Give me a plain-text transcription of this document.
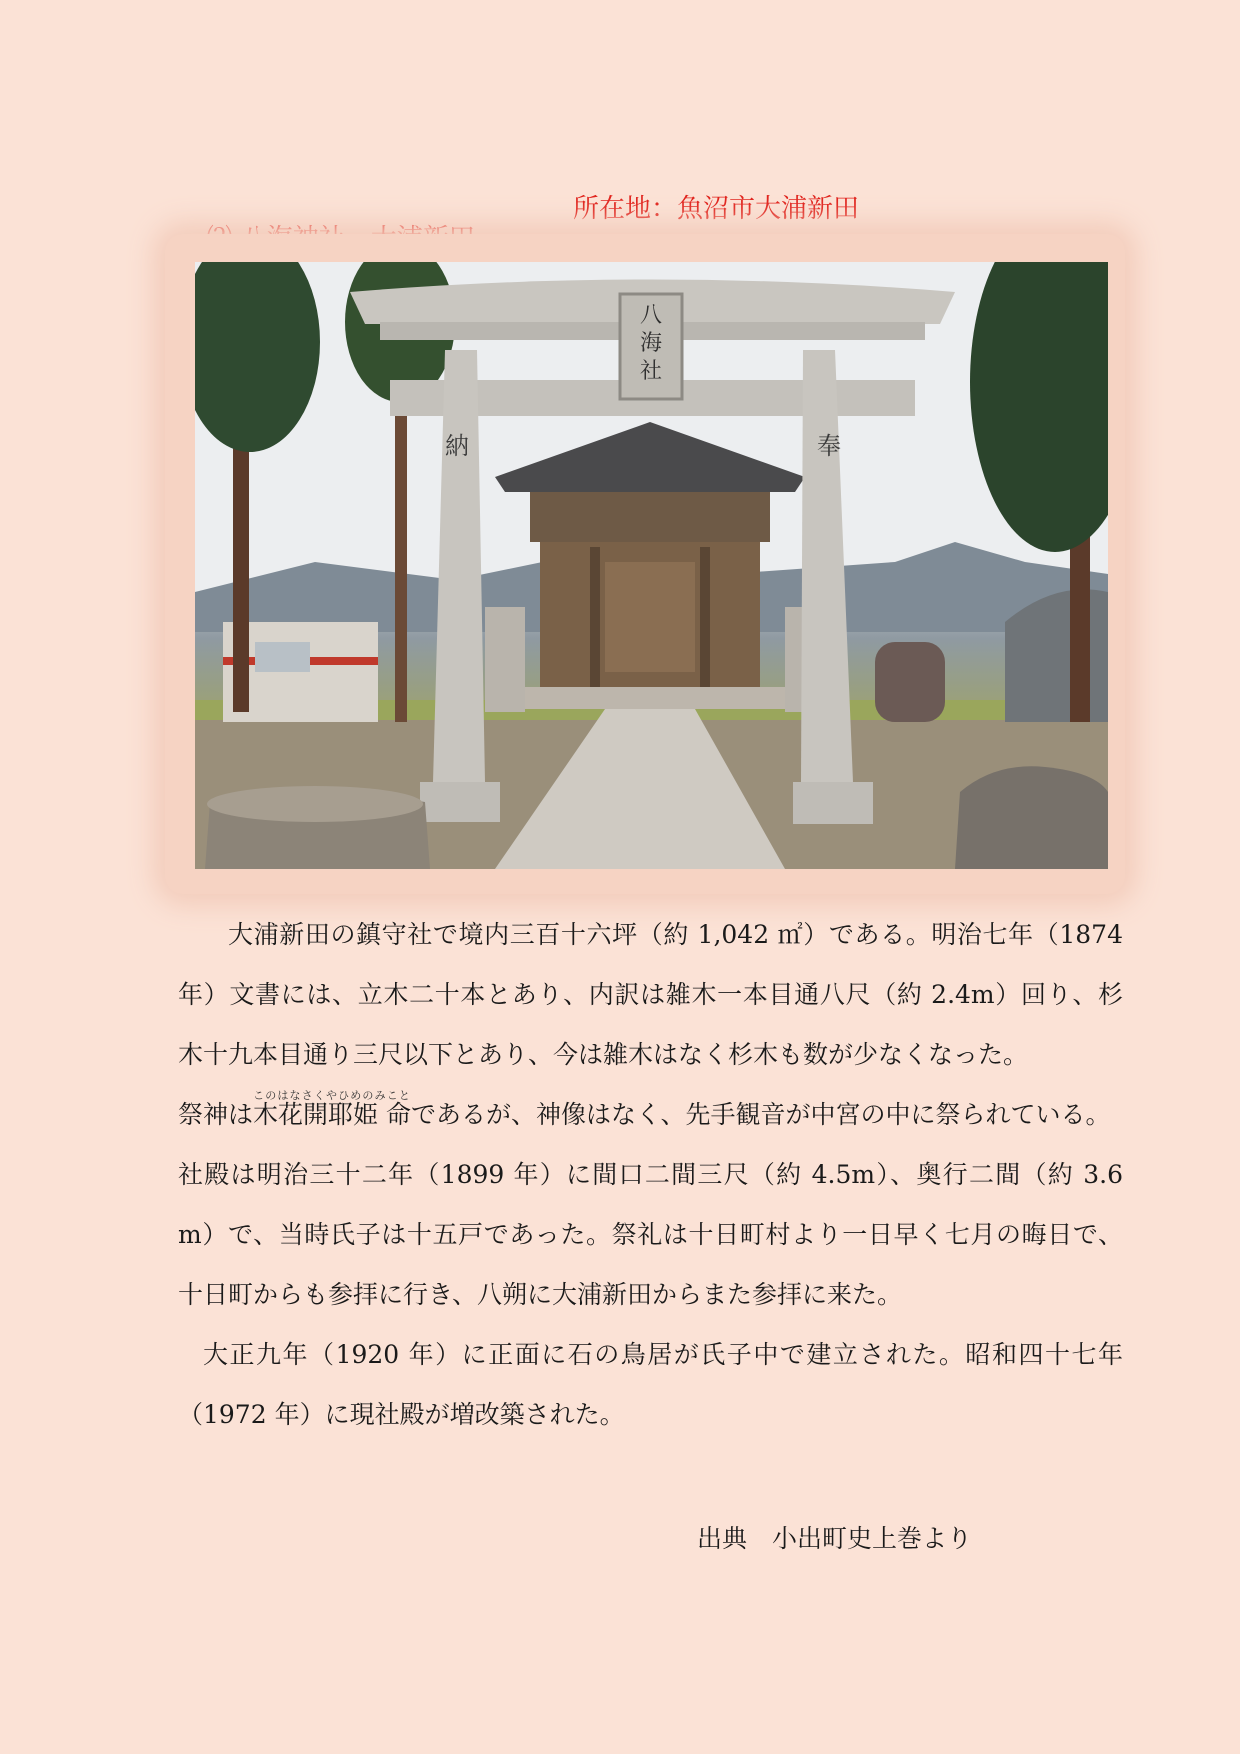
所在地：魚沼市大浦新田

八
海
社
納	奉

大浦新田の鎮守社で境内三百十六坪（約 1,042 ㎡）である。明治七年（1874 年）文書には、立木二十本とあり、内訳は雑木一本目通八尺（約 2.4m）回り、杉木十九本目通り三尺以下とあり、今は雑木はなく杉木も数が少なくなった。

祭神は木花開耶姫 命このはなさくやひめのみことであるが、神像はなく、先手観音が中宮の中に祭られている。

社殿は明治三十二年（1899 年）に間口二間三尺（約 4.5m）、奥行二間（約 3.6 m）で、当時氏子は十五戸であった。祭礼は十日町村より一日早く七月の晦日で、十日町からも参拝に行き、八朔に大浦新田からまた参拝に来た。

大正九年（1920 年）に正面に石の鳥居が氏子中で建立された。昭和四十七年（1972 年）に現社殿が増改築された。

出典　小出町史上巻より
